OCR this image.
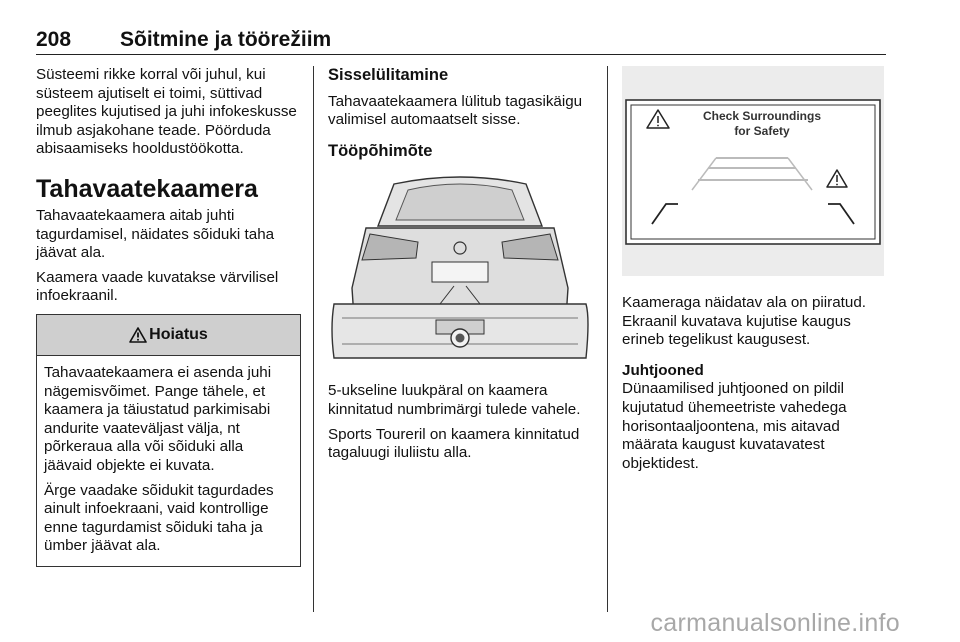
208 Sõitmine ja töörežiim

Süsteemi rikke korral või juhul, kui süsteem ajutiselt ei toimi, süttivad peeglites kujutised ja juhi infokeskusse ilmub asjakohane teade. Pöörduda abisaamiseks hooldustöökotta.

Tahavaatekaamera

Tahavaatekaamera aitab juhti tagurdamisel, näidates sõiduki taha jäävat ala.

Kaamera vaade kuvatakse värvilisel infoekraanil.

Hoiatus

Tahavaatekaamera ei asenda juhi nägemisvõimet. Pange tähele, et kaamera ja täiustatud parkimisabi andurite vaateväljast välja, nt põrkeraua alla või sõiduki alla jäävaid objekte ei kuvata.

Ärge vaadake sõidukit tagurdades ainult infoekraani, vaid kontrollige enne tagurdamist sõiduki taha ja ümber jäävat ala.

Sisselülitamine

Tahavaatekaamera lülitub tagasikäigu valimisel automaatselt sisse.

Tööpõhimõte

5-ukseline luukpäral on kaamera kinnitatud numbrimärgi tulede vahele.

Sports Toureril on kaamera kinnitatud tagaluugi iluliistu alla.

Check Surroundings
for Safety

Kaameraga näidatav ala on piiratud. Ekraanil kuvatava kujutise kaugus erineb tegelikust kaugusest.

Juhtjooned

Dünaamilised juhtjooned on pildil kujutatud ühemeetriste vahedega horisontaaljoontena, mis aitavad määrata kaugust kuvatavatest objektidest.

carmanualsonline.info
